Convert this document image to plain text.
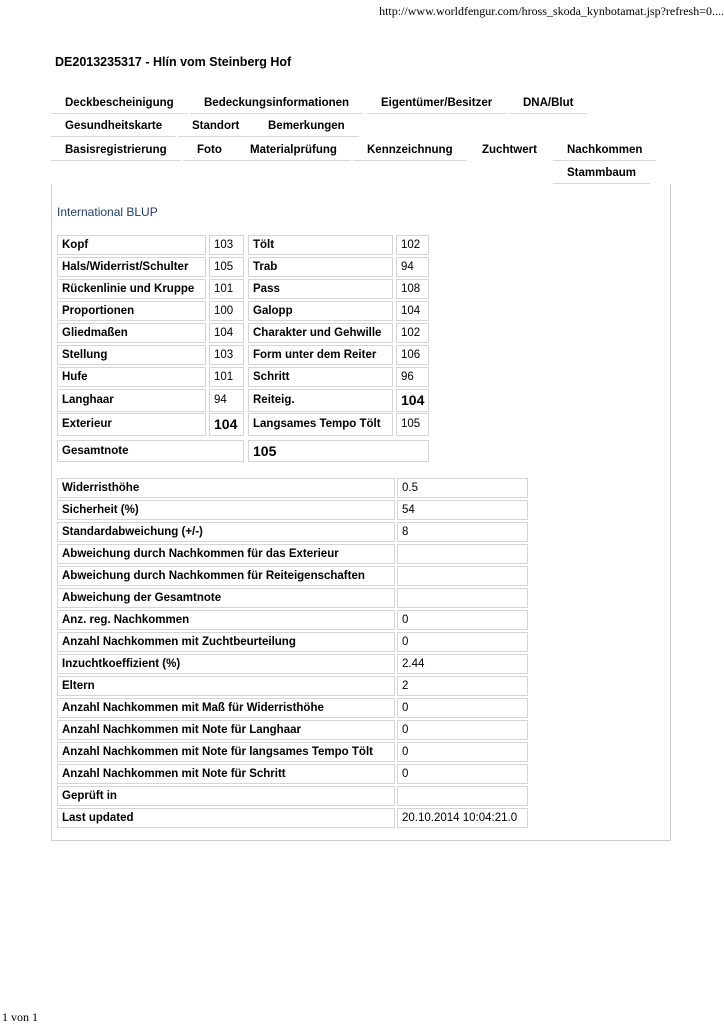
http://www.worldfengur.com/hross_skoda_kynbotamat.jsp?refresh=0....
DE2013235317 - Hlín vom Steinberg Hof
Deckbescheinigung	Bedeckungsinformationen	Eigentümer/Besitzer	DNA/Blut
Gesundheitskarte	Standort	Bemerkungen
Basisregistrierung	Foto	Materialprüfung	Kennzeichnung	Zuchtwert	Nachkommen
Stammbaum
International BLUP
Kopf	103	Tölt	102
Hals/Widerrist/Schulter	105	Trab	94
Rückenlinie und Kruppe	101	Pass	108
Proportionen	100	Galopp	104
Gliedmaßen	104	Charakter und Gehwille	102
Stellung	103	Form unter dem Reiter	106
Hufe	101	Schritt	96
Langhaar	94	Reiteig.	104
Exterieur	104	Langsames Tempo Tölt	105
Gesamtnote	105
Widerristhöhe	0.5
Sicherheit (%)	54
Standardabweichung (+/-)	8
Abweichung durch Nachkommen für das Exterieur
Abweichung durch Nachkommen für Reiteigenschaften
Abweichung der Gesamtnote
Anz. reg. Nachkommen	0
Anzahl Nachkommen mit Zuchtbeurteilung	0
Inzuchtkoeffizient (%)	2.44
Eltern	2
Anzahl Nachkommen mit Maß für Widerristhöhe	0
Anzahl Nachkommen mit Note für Langhaar	0
Anzahl Nachkommen mit Note für langsames Tempo Tölt	0
Anzahl Nachkommen mit Note für Schritt	0
Geprüft in
Last updated	20.10.2014 10:04:21.0
1 von 1
